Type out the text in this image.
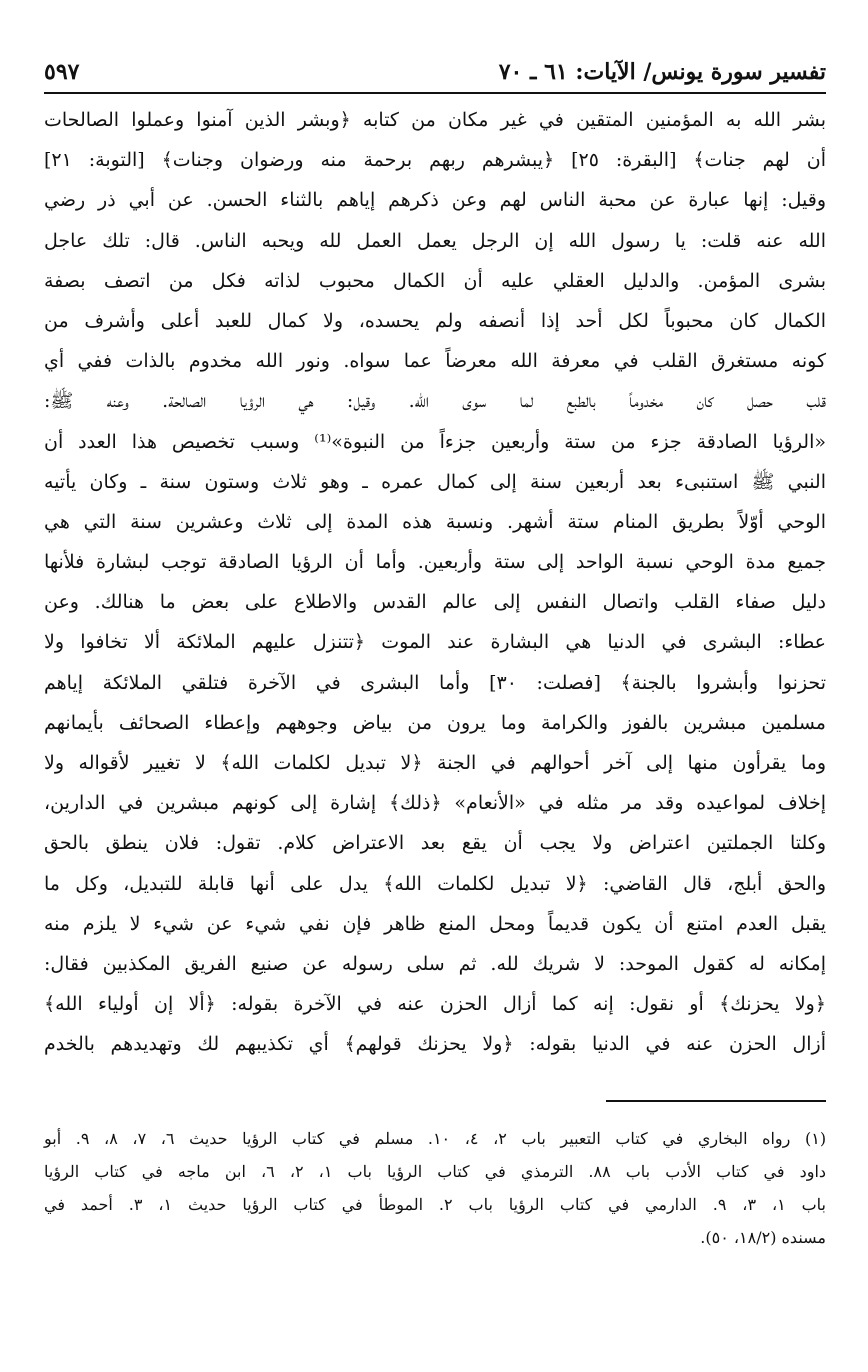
تفسير سورة يونس/ الآيات: ٦١ ـ ٧٠
٥٩٧
بشر الله به المؤمنين المتقين في غير مكان من كتابه ﴿وبشر الذين آمنوا وعملوا الصالحات
أن لهم جنات﴾ [البقرة: ٢٥] ﴿يبشرهم ربهم برحمة منه ورضوان وجنات﴾ [التوبة: ٢١]
وقيل: إنها عبارة عن محبة الناس لهم وعن ذكرهم إياهم بالثناء الحسن. عن أبي ذر رضي
الله عنه قلت: يا رسول الله إن الرجل يعمل العمل لله ويحبه الناس. قال: تلك عاجل
بشرى المؤمن. والدليل العقلي عليه أن الكمال محبوب لذاته فكل من اتصف بصفة
الكمال كان محبوباً لكل أحد إذا أنصفه ولم يحسده، ولا كمال للعبد أعلى وأشرف من
كونه مستغرق القلب في معرفة الله معرضاً عما سواه. ونور الله مخدوم بالذات ففي أي
قلب حصل كان مخدوماً بالطبع لما سوى الله. وقيل: هي الرؤيا الصالحة. وعنه ﷺ:
«الرؤيا الصادقة جزء من ستة وأربعين جزءاً من النبوة»⁽¹⁾ وسبب تخصيص هذا العدد أن
النبي ﷺ استنبىء بعد أربعين سنة إلى كمال عمره ـ وهو ثلاث وستون سنة ـ وكان يأتيه
الوحي أوّلاً بطريق المنام ستة أشهر. ونسبة هذه المدة إلى ثلاث وعشرين سنة التي هي
جميع مدة الوحي نسبة الواحد إلى ستة وأربعين. وأما أن الرؤيا الصادقة توجب لبشارة فلأنها
دليل صفاء القلب واتصال النفس إلى عالم القدس والاطلاع على بعض ما هنالك. وعن
عطاء: البشرى في الدنيا هي البشارة عند الموت ﴿تتنزل عليهم الملائكة ألا تخافوا ولا
تحزنوا وأبشروا بالجنة﴾ [فصلت: ٣٠] وأما البشرى في الآخرة فتلقي الملائكة إياهم
مسلمين مبشرين بالفوز والكرامة وما يرون من بياض وجوههم وإعطاء الصحائف بأيمانهم
وما يقرأون منها إلى آخر أحوالهم في الجنة ﴿لا تبديل لكلمات الله﴾ لا تغيير لأقواله ولا
إخلاف لمواعيده وقد مر مثله في «الأنعام» ﴿ذلك﴾ إشارة إلى كونهم مبشرين في الدارين،
وكلتا الجملتين اعتراض ولا يجب أن يقع بعد الاعتراض كلام. تقول: فلان ينطق بالحق
والحق أبلج، قال القاضي: ﴿لا تبديل لكلمات الله﴾ يدل على أنها قابلة للتبديل، وكل ما
يقبل العدم امتنع أن يكون قديماً ومحل المنع ظاهر فإن نفي شيء عن شيء لا يلزم منه
إمكانه له كقول الموحد: لا شريك لله. ثم سلى رسوله عن صنيع الفريق المكذبين فقال:
﴿ولا يحزنك﴾ أو نقول: إنه كما أزال الحزن عنه في الآخرة بقوله: ﴿ألا إن أولياء الله﴾
أزال الحزن عنه في الدنيا بقوله: ﴿ولا يحزنك قولهم﴾ أي تكذيبهم لك وتهديدهم بالخدم
(١) رواه البخاري في كتاب التعبير باب ٢، ٤، ١٠. مسلم في كتاب الرؤيا حديث ٦، ٧، ٨، ٩. أبو
داود في كتاب الأدب باب ٨٨. الترمذي في كتاب الرؤيا باب ١، ٢، ٦، ابن ماجه في كتاب الرؤيا
باب ١، ٣، ٩. الدارمي في كتاب الرؤيا باب ٢. الموطأ في كتاب الرؤيا حديث ١، ٣. أحمد في
مسنده (١٨/٢، ٥٠).
